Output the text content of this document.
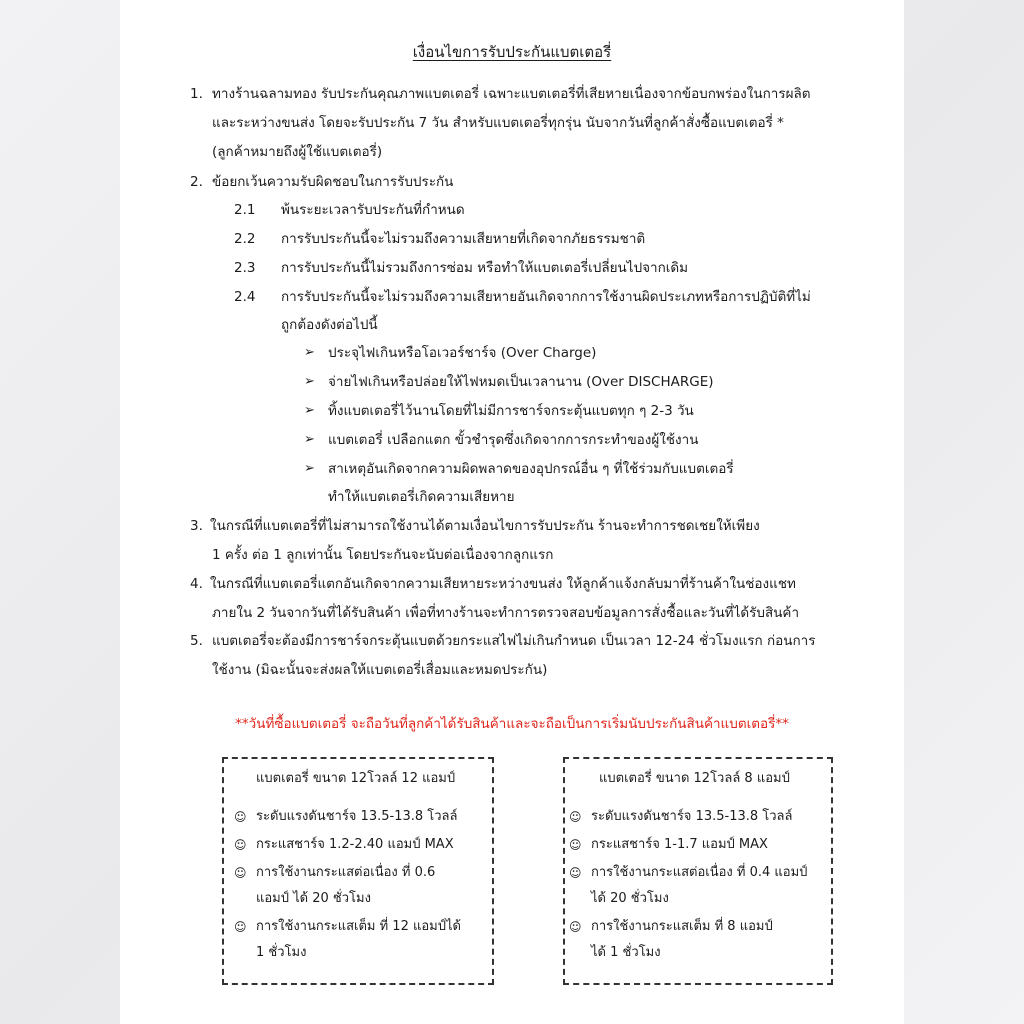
เงื่อนไขการรับประกันแบตเตอรี่
1. ทางร้านฉลามทอง รับประกันคุณภาพแบตเตอรี่ เฉพาะแบตเตอรี่ที่เสียหายเนื่องจากข้อบกพร่องในการผลิต
และระหว่างขนส่ง โดยจะรับประกัน 7 วัน สำหรับแบตเตอรี่ทุกรุ่น นับจากวันที่ลูกค้าสั่งซื้อแบตเตอรี่ *
(ลูกค้าหมายถึงผู้ใช้แบตเตอรี่)
2. ข้อยกเว้นความรับผิดชอบในการรับประกัน
2.1 พ้นระยะเวลารับประกันที่กำหนด
2.2 การรับประกันนี้จะไม่รวมถึงความเสียหายที่เกิดจากภัยธรรมชาติ
2.3 การรับประกันนี้ไม่รวมถึงการซ่อม หรือทำให้แบตเตอรี่เปลี่ยนไปจากเดิม
2.4 การรับประกันนี้จะไม่รวมถึงความเสียหายอันเกิดจากการใช้งานผิดประเภทหรือการปฏิบัติที่ไม่
ถูกต้องดังต่อไปนี้
➢ ประจุไฟเกินหรือโอเวอร์ชาร์จ (Over Charge)
➢ จ่ายไฟเกินหรือปล่อยให้ไฟหมดเป็นเวลานาน (Over DISCHARGE)
➢ ทิ้งแบตเตอรี่ไว้นานโดยที่ไม่มีการชาร์จกระตุ้นแบตทุก ๆ 2-3 วัน
➢ แบตเตอรี่ เปลือกแตก ขั้วชำรุดซึ่งเกิดจากการกระทำของผู้ใช้งาน
➢ สาเหตุอันเกิดจากความผิดพลาดของอุปกรณ์อื่น ๆ ที่ใช้ร่วมกับแบตเตอรี่
ทำให้แบตเตอรี่เกิดความเสียหาย
3. ในกรณีที่แบตเตอรี่ที่ไม่สามารถใช้งานได้ตามเงื่อนไขการรับประกัน ร้านจะทำการชดเชยให้เพียง
1 ครั้ง ต่อ 1 ลูกเท่านั้น โดยประกันจะนับต่อเนื่องจากลูกแรก
4. ในกรณีที่แบตเตอรี่แตกอันเกิดจากความเสียหายระหว่างขนส่ง ให้ลูกค้าแจ้งกลับมาที่ร้านค้าในช่องแชท
ภายใน 2 วันจากวันที่ได้รับสินค้า เพื่อที่ทางร้านจะทำการตรวจสอบข้อมูลการสั่งซื้อและวันที่ได้รับสินค้า
5. แบตเตอรี่จะต้องมีการชาร์จกระตุ้นแบตด้วยกระแสไฟไม่เกินกำหนด เป็นเวลา 12-24 ชั่วโมงแรก ก่อนการ
ใช้งาน (มิฉะนั้นจะส่งผลให้แบตเตอรี่เสื่อมและหมดประกัน)
**วันที่ซื้อแบตเตอรี่ จะถือวันที่ลูกค้าได้รับสินค้าและจะถือเป็นการเริ่มนับประกันสินค้าแบตเตอรี่**
แบตเตอรี่ ขนาด 12โวลล์ 12 แอมป์
☺ ระดับแรงดันชาร์จ 13.5-13.8 โวลล์
☺ กระแสชาร์จ 1.2-2.40 แอมป์ MAX
☺ การใช้งานกระแสต่อเนื่อง ที่ 0.6
แอมป์ ได้ 20 ชั่วโมง
☺ การใช้งานกระแสเต็ม ที่ 12 แอมป์ได้
1 ชั่วโมง
แบตเตอรี่ ขนาด 12โวลล์ 8 แอมป์
☺ ระดับแรงดันชาร์จ 13.5-13.8 โวลล์
☺ กระแสชาร์จ 1-1.7 แอมป์ MAX
☺ การใช้งานกระแสต่อเนื่อง ที่ 0.4 แอมป์
ได้ 20 ชั่วโมง
☺ การใช้งานกระแสเต็ม ที่ 8 แอมป์
ได้ 1 ชั่วโมง
